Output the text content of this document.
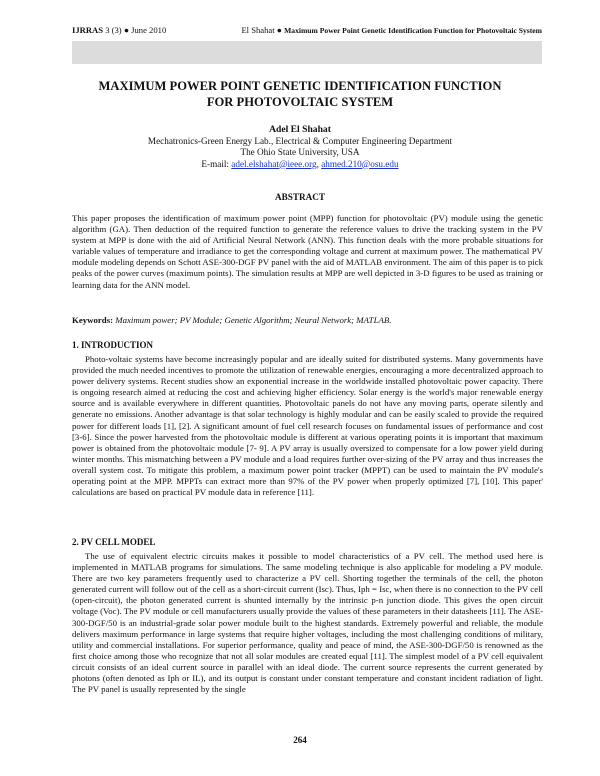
IJRRAS 3 (3) ● June 2010	El Shahat ● Maximum Power Point Genetic Identification Function for Photovoltaic System
MAXIMUM POWER POINT GENETIC IDENTIFICATION FUNCTION
FOR PHOTOVOLTAIC SYSTEM
Adel El Shahat
Mechatronics-Green Energy Lab., Electrical & Computer Engineering Department
The Ohio State University, USA
E-mail: adel.elshahat@ieee.org, ahmed.210@osu.edu
ABSTRACT
This paper proposes the identification of maximum power point (MPP) function for photovoltaic (PV) module using the genetic algorithm (GA). Then deduction of the required function to generate the reference values to drive the tracking system in the PV system at MPP is done with the aid of Artificial Neural Network (ANN). This function deals with the more probable situations for variable values of temperature and irradiance to get the corresponding voltage and current at maximum power. The mathematical PV module modeling depends on Schott ASE-300-DGF PV panel with the aid of MATLAB environment. The aim of this paper is to pick peaks of the power curves (maximum points). The simulation results at MPP are well depicted in 3-D figures to be used as training or learning data for the ANN model.
Keywords: Maximum power; PV Module; Genetic Algorithm; Neural Network; MATLAB.
1. INTRODUCTION
Photo-voltaic systems have become increasingly popular and are ideally suited for distributed systems. Many governments have provided the much needed incentives to promote the utilization of renewable energies, encouraging a more decentralized approach to power delivery systems. Recent studies show an exponential increase in the worldwide installed photovoltaic power capacity. There is ongoing research aimed at reducing the cost and achieving higher efficiency. Solar energy is the world's major renewable energy source and is available everywhere in different quantities. Photovoltaic panels do not have any moving parts, operate silently and generate no emissions. Another advantage is that solar technology is highly modular and can be easily scaled to provide the required power for different loads [1], [2]. A significant amount of fuel cell research focuses on fundamental issues of performance and cost [3-6]. Since the power harvested from the photovoltaic module is different at various operating points it is important that maximum power is obtained from the photovoltaic module [7- 9]. A PV array is usually oversized to compensate for a low power yield during winter months. This mismatching between a PV module and a load requires further over-sizing of the PV array and thus increases the overall system cost. To mitigate this problem, a maximum power point tracker (MPPT) can be used to maintain the PV module's operating point at the MPP. MPPTs can extract more than 97% of the PV power when properly optimized [7], [10]. This paper' calculations are based on practical PV module data in reference [11].
2. PV CELL MODEL
The use of equivalent electric circuits makes it possible to model characteristics of a PV cell. The method used here is implemented in MATLAB programs for simulations. The same modeling technique is also applicable for modeling a PV module. There are two key parameters frequently used to characterize a PV cell. Shorting together the terminals of the cell, the photon generated current will follow out of the cell as a short-circuit current (Isc). Thus, Iph = Isc, when there is no connection to the PV cell (open-circuit), the photon generated current is shunted internally by the intrinsic p-n junction diode. This gives the open circuit voltage (Voc). The PV module or cell manufacturers usually provide the values of these parameters in their datasheets [11]. The ASE-300-DGF/50 is an industrial-grade solar power module built to the highest standards. Extremely powerful and reliable, the module delivers maximum performance in large systems that require higher voltages, including the most challenging conditions of military, utility and commercial installations. For superior performance, quality and peace of mind, the ASE-300-DGF/50 is renowned as the first choice among those who recognize that not all solar modules are created equal [11]. The simplest model of a PV cell equivalent circuit consists of an ideal current source in parallel with an ideal diode. The current source represents the current generated by photons (often denoted as Iph or IL), and its output is constant under constant temperature and constant incident radiation of light. The PV panel is usually represented by the single
264
